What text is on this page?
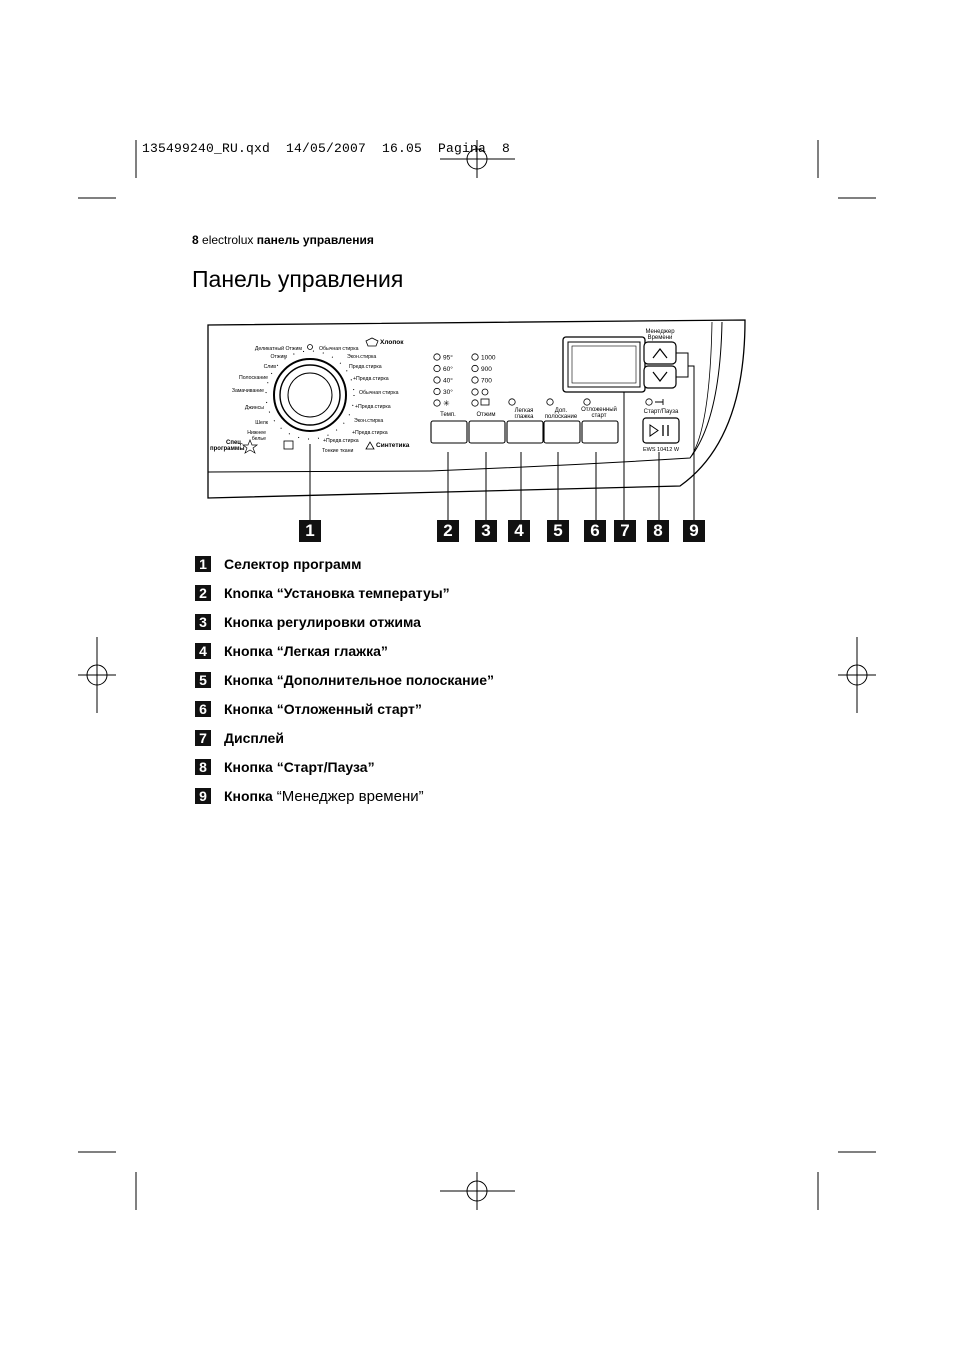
135499240_RU.qxd  14/05/2007  16.05  Pagina  8
8 electrolux панель управления
Панель управления
Деликатный Отжим
Отжим
Слив
Полоскание
Замачивание
Джинсы
Шелк
Нижнее
белье
Обычная стирка
Экон.стирка
Предв.стирка
+Предв.стирка
Обычная стирка
+Предв.стирка
Экон.стирка
+Предв.стирка
+Предв.стирка
Тонкие ткани
Хлопок
Синтетика
Спец.
программы
95°
60°
40°
30°
1000
900
700
✳
Темп.	Отжим
Легкая
глажка
Доп.
полоскание
Отложенный
старт
Менеджер
Времени
Старт/Пауза
EWS 10412 W
1	2	3	4	5	6	7	8	9
1 Селектор программ
2 Кnопка “Установка температуы”
3 Кнопка регулировки отжима
4 Кнопка “Легкая глажка”
5 Кнопка “Дополнительное полоскание”
6 Кнопка “Отложенный старт”
7 Дисплей
8 Кнопка “Старт/Пауза”
9 Кнопка “Менеджер времени”
